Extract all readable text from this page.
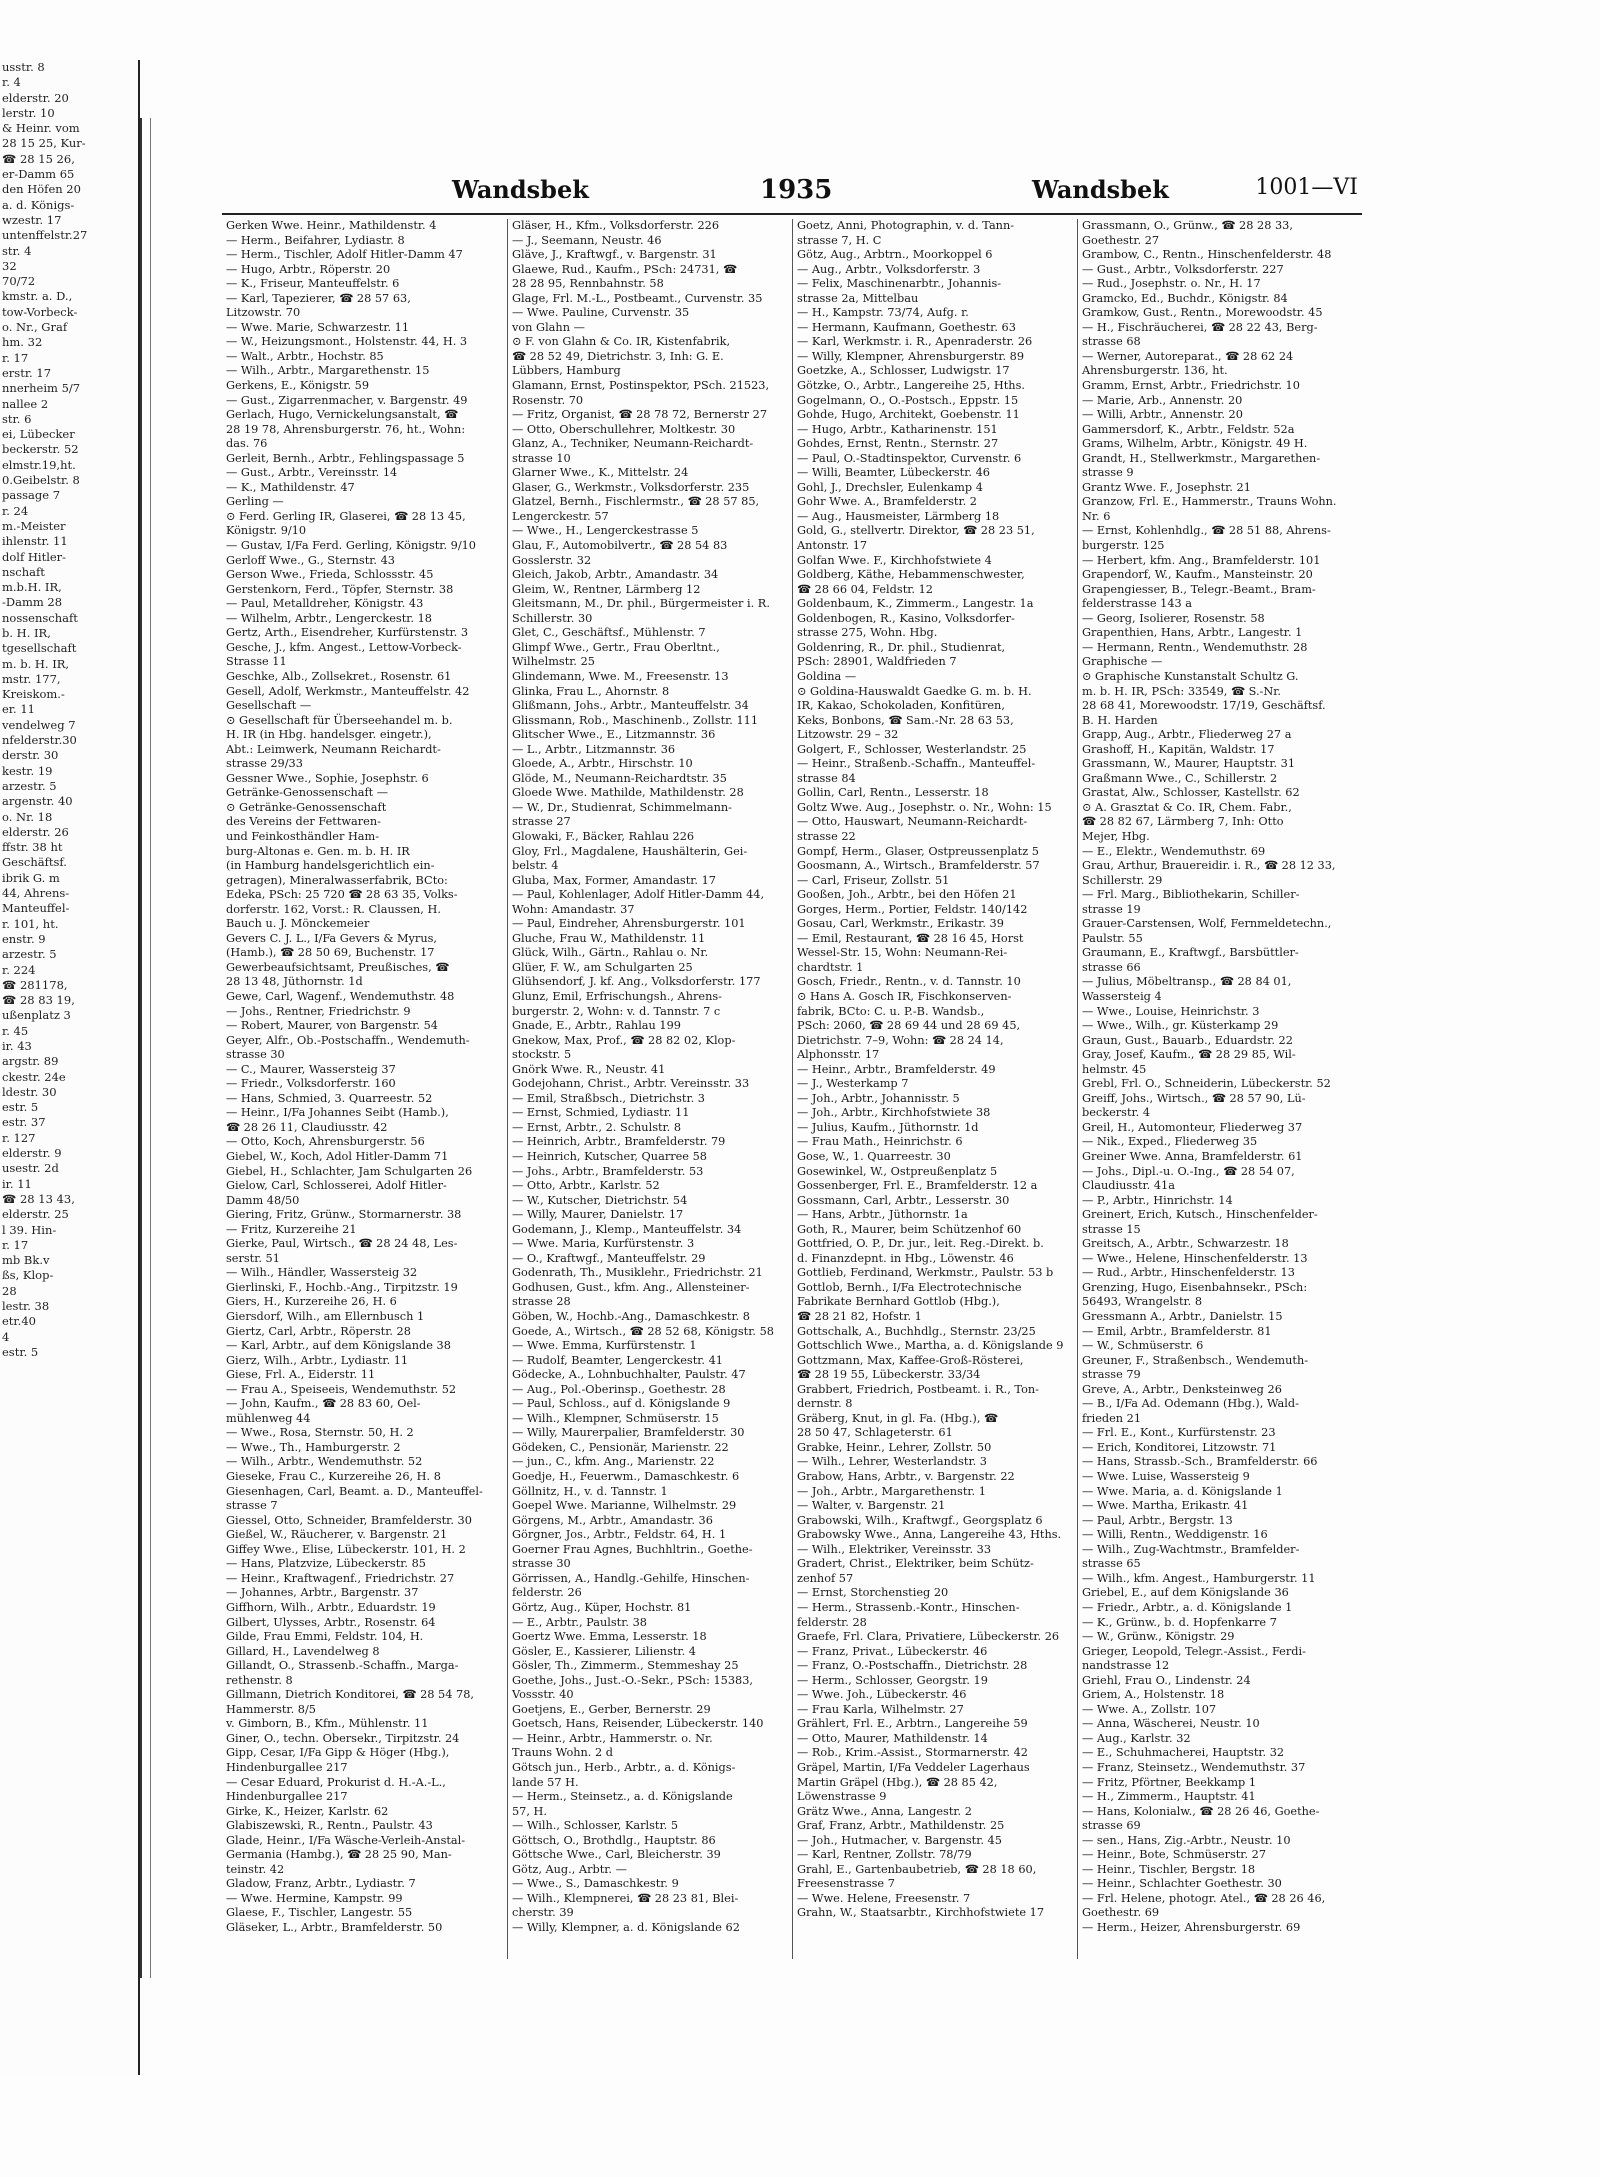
usstr. 8
r. 4
elderstr. 20
lerstr. 10
& Heinr. vom
28 15 25, Kur-
☎ 28 15 26,
er-Damm 65
den Höfen 20
a. d. Königs-
wzestr. 17
untenffelstr.27
str. 4
32
70/72
kmstr. a. D.,
tow-Vorbeck-
o. Nr., Graf
hm. 32
r. 17
erstr. 17
nnerheim 5/7
nallee 2
str. 6
ei, Lübecker
beckerstr. 52
elmstr.19,ht.
0.Geibelstr. 8
passage 7
r. 24
m.-Meister
ihlenstr. 11
dolf Hitler-
nschaft
m.b.H. IR,
-Damm 28
nossenschaft
b. H. IR,
tgesellschaft
m. b. H. IR,
mstr. 177,
Kreiskom.-
er. 11
vendelweg 7
nfelderstr.30
derstr. 30
kestr. 19
arzestr. 5
argenstr. 40
o. Nr. 18
elderstr. 26
ffstr. 38 ht
Geschäftsf.
ibrik G. m
44, Ahrens-
Manteuffel-
r. 101, ht.
enstr. 9
arzestr. 5
r. 224
☎ 281178,
☎ 28 83 19,
ußenplatz 3
r. 45
ir. 43
argstr. 89
ckestr. 24e
ldestr. 30
estr. 5
estr. 37
r. 127
elderstr. 9
usestr. 2d
ir. 11
☎ 28 13 43,
elderstr. 25
l 39. Hin-
r. 17
mb Bk.v
ßs, Klop-
28
lestr. 38
etr.40
4
estr. 5
Wandsbek	1935	Wandsbek	1001—VI
Gerken Wwe. Heinr., Mathildenstr. 4
— Herm., Beifahrer, Lydiastr. 8
— Herm., Tischler, Adolf Hitler-Damm 47
— Hugo, Arbtr., Röperstr. 20
— K., Friseur, Manteuffelstr. 6
— Karl, Tapezierer, ☎ 28 57 63,
Litzowstr. 70
— Wwe. Marie, Schwarzestr. 11
— W., Heizungsmont., Holstenstr. 44, H. 3
— Walt., Arbtr., Hochstr. 85
— Wilh., Arbtr., Margarethenstr. 15
Gerkens, E., Königstr. 59
— Gust., Zigarrenmacher, v. Bargenstr. 49
Gerlach, Hugo, Vernickelungsanstalt, ☎
28 19 78, Ahrensburgerstr. 76, ht., Wohn:
das. 76
Gerleit, Bernh., Arbtr., Fehlingspassage 5
— Gust., Arbtr., Vereinsstr. 14
— K., Mathildenstr. 47
Gerling —
⊙ Ferd. Gerling IR, Glaserei, ☎ 28 13 45,
Königstr. 9/10
— Gustav, I/Fa Ferd. Gerling, Königstr. 9/10
Gerloff Wwe., G., Sternstr. 43
Gerson Wwe., Frieda, Schlossstr. 45
Gerstenkorn, Ferd., Töpfer, Sternstr. 38
— Paul, Metalldreher, Königstr. 43
— Wilhelm, Arbtr., Lengerckestr. 18
Gertz, Arth., Eisendreher, Kurfürstenstr. 3
Gesche, J., kfm. Angest., Lettow-Vorbeck-
Strasse 11
Geschke, Alb., Zollsekret., Rosenstr. 61
Gesell, Adolf, Werkmstr., Manteuffelstr. 42
Gesellschaft —
⊙ Gesellschaft für Überseehandel m. b.
H. IR (in Hbg. handelsger. eingetr.),
Abt.: Leimwerk, Neumann Reichardt-
strasse 29/33
Gessner Wwe., Sophie, Josephstr. 6
Getränke-Genossenschaft —
⊙ Getränke-Genossenschaft
des Vereins der Fettwaren-
und Feinkosthändler Ham-
burg-Altonas e. Gen. m. b. H. IR
(in Hamburg handelsgerichtlich ein-
getragen), Mineralwasserfabrik, BCto:
Edeka, PSch: 25 720 ☎ 28 63 35, Volks-
dorferstr. 162, Vorst.: R. Claussen, H.
Bauch u. J. Mönckemeier
Gevers C. J. L., I/Fa Gevers & Myrus,
(Hamb.), ☎ 28 50 69, Buchenstr. 17
Gewerbeaufsichtsamt, Preußisches, ☎
28 13 48, Jüthornstr. 1d
Gewe, Carl, Wagenf., Wendemuthstr. 48
— Johs., Rentner, Friedrichstr. 9
— Robert, Maurer, von Bargenstr. 54
Geyer, Alfr., Ob.-Postschaffn., Wendemuth-
strasse 30
— C., Maurer, Wassersteig 37
— Friedr., Volksdorferstr. 160
— Hans, Schmied, 3. Quarreestr. 52
— Heinr., I/Fa Johannes Seibt (Hamb.),
☎ 28 26 11, Claudiusstr. 42
— Otto, Koch, Ahrensburgerstr. 56
Giebel, W., Koch, Adol Hitler-Damm 71
Giebel, H., Schlachter, Jam Schulgarten 26
Gielow, Carl, Schlosserei, Adolf Hitler-
Damm 48/50
Giering, Fritz, Grünw., Stormarnerstr. 38
— Fritz, Kurzereihe 21
Gierke, Paul, Wirtsch., ☎ 28 24 48, Les-
serstr. 51
— Wilh., Händler, Wassersteig 32
Gierlinski, F., Hochb.-Ang., Tirpitzstr. 19
Giers, H., Kurzereihe 26, H. 6
Giersdorf, Wilh., am Ellernbusch 1
Giertz, Carl, Arbtr., Röperstr. 28
— Karl, Arbtr., auf dem Königslande 38
Gierz, Wilh., Arbtr., Lydiastr. 11
Giese, Frl. A., Eiderstr. 11
— Frau A., Speiseeis, Wendemuthstr. 52
— John, Kaufm., ☎ 28 83 60, Oel-
mühlenweg 44
— Wwe., Rosa, Sternstr. 50, H. 2
— Wwe., Th., Hamburgerstr. 2
— Wilh., Arbtr., Wendemuthstr. 52
Gieseke, Frau C., Kurzereihe 26, H. 8
Giesenhagen, Carl, Beamt. a. D., Manteuffel-
strasse 7
Giessel, Otto, Schneider, Bramfelderstr. 30
Gießel, W., Räucherer, v. Bargenstr. 21
Giffey Wwe., Elise, Lübeckerstr. 101, H. 2
— Hans, Platzvize, Lübeckerstr. 85
— Heinr., Kraftwagenf., Friedrichstr. 27
— Johannes, Arbtr., Bargenstr. 37
Giffhorn, Wilh., Arbtr., Eduardstr. 19
Gilbert, Ulysses, Arbtr., Rosenstr. 64
Gilde, Frau Emmi, Feldstr. 104, H.
Gillard, H., Lavendelweg 8
Gillandt, O., Strassenb.-Schaffn., Marga-
rethenstr. 8
Gillmann, Dietrich Konditorei, ☎ 28 54 78,
Hammerstr. 8/5
v. Gimborn, B., Kfm., Mühlenstr. 11
Giner, O., techn. Obersekr., Tirpitzstr. 24
Gipp, Cesar, I/Fa Gipp & Höger (Hbg.),
Hindenburgallee 217
— Cesar Eduard, Prokurist d. H.-A.-L.,
Hindenburgallee 217
Girke, K., Heizer, Karlstr. 62
Glabiszewski, R., Rentn., Paulstr. 43
Glade, Heinr., I/Fa Wäsche-Verleih-Anstal-
Germania (Hambg.), ☎ 28 25 90, Man-
teinstr. 42
Gladow, Franz, Arbtr., Lydiastr. 7
— Wwe. Hermine, Kampstr. 99
Glaese, F., Tischler, Langestr. 55
Gläseker, L., Arbtr., Bramfelderstr. 50
Gläser, H., Kfm., Volksdorferstr. 226
— J., Seemann, Neustr. 46
Gläve, J., Kraftwgf., v. Bargenstr. 31
Glaewe, Rud., Kaufm., PSch: 24731, ☎
28 28 95, Rennbahnstr. 58
Glage, Frl. M.-L., Postbeamt., Curvenstr. 35
— Wwe. Pauline, Curvenstr. 35
von Glahn —
⊙ F. von Glahn & Co. IR, Kistenfabrik,
☎ 28 52 49, Dietrichstr. 3, Inh: G. E.
Lübbers, Hamburg
Glamann, Ernst, Postinspektor, PSch. 21523,
Rosenstr. 70
— Fritz, Organist, ☎ 28 78 72, Bernerstr 27
— Otto, Oberschullehrer, Moltkestr. 30
Glanz, A., Techniker, Neumann-Reichardt-
strasse 10
Glarner Wwe., K., Mittelstr. 24
Glaser, G., Werkmstr., Volksdorferstr. 235
Glatzel, Bernh., Fischlermstr., ☎ 28 57 85,
Lengerckestr. 57
— Wwe., H., Lengerckestrasse 5
Glau, F., Automobilvertr., ☎ 28 54 83
Gosslerstr. 32
Gleich, Jakob, Arbtr., Amandastr. 34
Gleim, W., Rentner, Lärmberg 12
Gleitsmann, M., Dr. phil., Bürgermeister i. R.
Schillerstr. 30
Glet, C., Geschäftsf., Mühlenstr. 7
Glimpf Wwe., Gertr., Frau Oberltnt.,
Wilhelmstr. 25
Glindemann, Wwe. M., Freesenstr. 13
Glinka, Frau L., Ahornstr. 8
Glißmann, Johs., Arbtr., Manteuffelstr. 34
Glissmann, Rob., Maschinenb., Zollstr. 111
Glitscher Wwe., E., Litzmannstr. 36
— L., Arbtr., Litzmannstr. 36
Gloede, A., Arbtr., Hirschstr. 10
Glöde, M., Neumann-Reichardtstr. 35
Gloede Wwe. Mathilde, Mathildenstr. 28
— W., Dr., Studienrat, Schimmelmann-
strasse 27
Glowaki, F., Bäcker, Rahlau 226
Gloy, Frl., Magdalene, Haushälterin, Gei-
belstr. 4
Gluba, Max, Former, Amandastr. 17
— Paul, Kohlenlager, Adolf Hitler-Damm 44,
Wohn: Amandastr. 37
— Paul, Eindreher, Ahrensburgerstr. 101
Gluche, Frau W., Mathildenstr. 11
Glück, Wilh., Gärtn., Rahlau o. Nr.
Glüer, F. W., am Schulgarten 25
Glühsendorf, J. kf. Ang., Volksdorferstr. 177
Glunz, Emil, Erfrischungsh., Ahrens-
burgerstr. 2, Wohn: v. d. Tannstr. 7 c
Gnade, E., Arbtr., Rahlau 199
Gnekow, Max, Prof., ☎ 28 82 02, Klop-
stockstr. 5
Gnörk Wwe. R., Neustr. 41
Godejohann, Christ., Arbtr. Vereinsstr. 33
— Emil, Straßbsch., Dietrichstr. 3
— Ernst, Schmied, Lydiastr. 11
— Ernst, Arbtr., 2. Schulstr. 8
— Heinrich, Arbtr., Bramfelderstr. 79
— Heinrich, Kutscher, Quarree 58
— Johs., Arbtr., Bramfelderstr. 53
— Otto, Arbtr., Karlstr. 52
— W., Kutscher, Dietrichstr. 54
— Willy, Maurer, Danielstr. 17
Godemann, J., Klemp., Manteuffelstr. 34
— Wwe. Maria, Kurfürstenstr. 3
— O., Kraftwgf., Manteuffelstr. 29
Godenrath, Th., Musiklehr., Friedrichstr. 21
Godhusen, Gust., kfm. Ang., Allensteiner-
strasse 28
Göben, W., Hochb.-Ang., Damaschkestr. 8
Goede, A., Wirtsch., ☎ 28 52 68, Königstr. 58
— Wwe. Emma, Kurfürstenstr. 1
— Rudolf, Beamter, Lengerckestr. 41
Gödecke, A., Lohnbuchhalter, Paulstr. 47
— Aug., Pol.-Oberinsp., Goethestr. 28
— Paul, Schloss., auf d. Königslande 9
— Wilh., Klempner, Schmüserstr. 15
— Willy, Maurerpalier, Bramfelderstr. 30
Gödeken, C., Pensionär, Marienstr. 22
— jun., C., kfm. Ang., Marienstr. 22
Goedje, H., Feuerwm., Damaschkestr. 6
Göllnitz, H., v. d. Tannstr. 1
Goepel Wwe. Marianne, Wilhelmstr. 29
Görgens, M., Arbtr., Amandastr. 36
Görgner, Jos., Arbtr., Feldstr. 64, H. 1
Goerner Frau Agnes, Buchhltrin., Goethe-
strasse 30
Görrissen, A., Handlg.-Gehilfe, Hinschen-
felderstr. 26
Görtz, Aug., Küper, Hochstr. 81
— E., Arbtr., Paulstr. 38
Goertz Wwe. Emma, Lesserstr. 18
Gösler, E., Kassierer, Lilienstr. 4
Gösler, Th., Zimmerm., Stemmeshay 25
Goethe, Johs., Just.-O.-Sekr., PSch: 15383,
Vossstr. 40
Goetjens, E., Gerber, Bernerstr. 29
Goetsch, Hans, Reisender, Lübeckerstr. 140
— Heinr., Arbtr., Hammerstr. o. Nr.
Trauns Wohn. 2 d
Götsch jun., Herb., Arbtr., a. d. Königs-
lande 57 H.
— Herm., Steinsetz., a. d. Königslande
57, H.
— Wilh., Schlosser, Karlstr. 5
Göttsch, O., Brothdlg., Hauptstr. 86
Göttsche Wwe., Carl, Bleicherstr. 39
Götz, Aug., Arbtr. —
— Wwe., S., Damaschkestr. 9
— Wilh., Klempnerei, ☎ 28 23 81, Blei-
cherstr. 39
— Willy, Klempner, a. d. Königslande 62
Goetz, Anni, Photographin, v. d. Tann-
strasse 7, H. C
Götz, Aug., Arbtrn., Moorkoppel 6
— Aug., Arbtr., Volksdorferstr. 3
— Felix, Maschinenarbtr., Johannis-
strasse 2a, Mittelbau
— H., Kampstr. 73/74, Aufg. r.
— Hermann, Kaufmann, Goethestr. 63
— Karl, Werkmstr. i. R., Apenraderstr. 26
— Willy, Klempner, Ahrensburgerstr. 89
Goetzke, A., Schlosser, Ludwigstr. 17
Götzke, O., Arbtr., Langereihe 25, Hths.
Gogelmann, O., O.-Postsch., Eppstr. 15
Gohde, Hugo, Architekt, Goebenstr. 11
— Hugo, Arbtr., Katharinenstr. 151
Gohdes, Ernst, Rentn., Sternstr. 27
— Paul, O.-Stadtinspektor, Curvenstr. 6
— Willi, Beamter, Lübeckerstr. 46
Gohl, J., Drechsler, Eulenkamp 4
Gohr Wwe. A., Bramfelderstr. 2
— Aug., Hausmeister, Lärmberg 18
Gold, G., stellvertr. Direktor, ☎ 28 23 51,
Antonstr. 17
Golfan Wwe. F., Kirchhofstwiete 4
Goldberg, Käthe, Hebammenschwester,
☎ 28 66 04, Feldstr. 12
Goldenbaum, K., Zimmerm., Langestr. 1a
Goldenbogen, R., Kasino, Volksdorfer-
strasse 275, Wohn. Hbg.
Goldenring, R., Dr. phil., Studienrat,
PSch: 28901, Waldfrieden 7
Goldina —
⊙ Goldina-Hauswaldt Gaedke G. m. b. H.
IR, Kakao, Schokoladen, Konfitüren,
Keks, Bonbons, ☎ Sam.-Nr. 28 63 53,
Litzowstr. 29 – 32
Golgert, F., Schlosser, Westerlandstr. 25
— Heinr., Straßenb.-Schaffn., Manteuffel-
strasse 84
Gollin, Carl, Rentn., Lesserstr. 18
Goltz Wwe. Aug., Josephstr. o. Nr., Wohn: 15
— Otto, Hauswart, Neumann-Reichardt-
strasse 22
Gompf, Herm., Glaser, Ostpreussenplatz 5
Goosmann, A., Wirtsch., Bramfelderstr. 57
— Carl, Friseur, Zollstr. 51
Gooßen, Joh., Arbtr., bei den Höfen 21
Gorges, Herm., Portier, Feldstr. 140/142
Gosau, Carl, Werkmstr., Erikastr. 39
— Emil, Restaurant, ☎ 28 16 45, Horst
Wessel-Str. 15, Wohn: Neumann-Rei-
chardtstr. 1
Gosch, Friedr., Rentn., v. d. Tannstr. 10
⊙ Hans A. Gosch IR, Fischkonserven-
fabrik, BCto: C. u. P.-B. Wandsb.,
PSch: 2060, ☎ 28 69 44 und 28 69 45,
Dietrichstr. 7–9, Wohn: ☎ 28 24 14,
Alphonsstr. 17
— Heinr., Arbtr., Bramfelderstr. 49
— J., Westerkamp 7
— Joh., Arbtr., Johannisstr. 5
— Joh., Arbtr., Kirchhofstwiete 38
— Julius, Kaufm., Jüthornstr. 1d
— Frau Math., Heinrichstr. 6
Gose, W., 1. Quarreestr. 30
Gosewinkel, W., Ostpreußenplatz 5
Gossenberger, Frl. E., Bramfelderstr. 12 a
Gossmann, Carl, Arbtr., Lesserstr. 30
— Hans, Arbtr., Jüthornstr. 1a
Goth, R., Maurer, beim Schützenhof 60
Gottfried, O. P., Dr. jur., leit. Reg.-Direkt. b.
d. Finanzdepnt. in Hbg., Löwenstr. 46
Gottlieb, Ferdinand, Werkmstr., Paulstr. 53 b
Gottlob, Bernh., I/Fa Electrotechnische
Fabrikate Bernhard Gottlob (Hbg.),
☎ 28 21 82, Hofstr. 1
Gottschalk, A., Buchhdlg., Sternstr. 23/25
Gottschlich Wwe., Martha, a. d. Königslande 9
Gottzmann, Max, Kaffee-Groß-Rösterei,
☎ 28 19 55, Lübeckerstr. 33/34
Grabbert, Friedrich, Postbeamt. i. R., Ton-
dernstr. 8
Gräberg, Knut, in gl. Fa. (Hbg.), ☎
28 50 47, Schlageterstr. 61
Grabke, Heinr., Lehrer, Zollstr. 50
— Wilh., Lehrer, Westerlandstr. 3
Grabow, Hans, Arbtr., v. Bargenstr. 22
— Joh., Arbtr., Margarethenstr. 1
— Walter, v. Bargenstr. 21
Grabowski, Wilh., Kraftwgf., Georgsplatz 6
Grabowsky Wwe., Anna, Langereihe 43, Hths.
— Wilh., Elektriker, Vereinsstr. 33
Gradert, Christ., Elektriker, beim Schütz-
zenhof 57
— Ernst, Storchenstieg 20
— Herm., Strassenb.-Kontr., Hinschen-
felderstr. 28
Graefe, Frl. Clara, Privatiere, Lübeckerstr. 26
— Franz, Privat., Lübeckerstr. 46
— Franz, O.-Postschaffn., Dietrichstr. 28
— Herm., Schlosser, Georgstr. 19
— Wwe. Joh., Lübeckerstr. 46
— Frau Karla, Wilhelmstr. 27
Grählert, Frl. E., Arbtrn., Langereihe 59
— Otto, Maurer, Mathildenstr. 14
— Rob., Krim.-Assist., Stormarnerstr. 42
Gräpel, Martin, I/Fa Veddeler Lagerhaus
Martin Gräpel (Hbg.), ☎ 28 85 42,
Löwenstrasse 9
Grätz Wwe., Anna, Langestr. 2
Graf, Franz, Arbtr., Mathildenstr. 25
— Joh., Hutmacher, v. Bargenstr. 45
— Karl, Rentner, Zollstr. 78/79
Grahl, E., Gartenbaubetrieb, ☎ 28 18 60,
Freesenstrasse 7
— Wwe. Helene, Freesenstr. 7
Grahn, W., Staatsarbtr., Kirchhofstwiete 17
Grassmann, O., Grünw., ☎ 28 28 33,
Goethestr. 27
Grambow, C., Rentn., Hinschenfelderstr. 48
— Gust., Arbtr., Volksdorferstr. 227
— Rud., Josephstr. o. Nr., H. 17
Gramcko, Ed., Buchdr., Königstr. 84
Gramkow, Gust., Rentn., Morewoodstr. 45
— H., Fischräucherei, ☎ 28 22 43, Berg-
strasse 68
— Werner, Autoreparat., ☎ 28 62 24
Ahrensburgerstr. 136, ht.
Gramm, Ernst, Arbtr., Friedrichstr. 10
— Marie, Arb., Annenstr. 20
— Willi, Arbtr., Annenstr. 20
Gammersdorf, K., Arbtr., Feldstr. 52a
Grams, Wilhelm, Arbtr., Königstr. 49 H.
Grandt, H., Stellwerkmstr., Margarethen-
strasse 9
Grantz Wwe. F., Josephstr. 21
Granzow, Frl. E., Hammerstr., Trauns Wohn.
Nr. 6
— Ernst, Kohlenhdlg., ☎ 28 51 88, Ahrens-
burgerstr. 125
— Herbert, kfm. Ang., Bramfelderstr. 101
Grapendorf, W., Kaufm., Mansteinstr. 20
Grapengiesser, B., Telegr.-Beamt., Bram-
felderstrasse 143 a
— Georg, Isolierer, Rosenstr. 58
Grapenthien, Hans, Arbtr., Langestr. 1
— Hermann, Rentn., Wendemuthstr. 28
Graphische —
⊙ Graphische Kunstanstalt Schultz G.
m. b. H. IR, PSch: 33549, ☎ S.-Nr.
28 68 41, Morewoodstr. 17/19, Geschäftsf.
B. H. Harden
Grapp, Aug., Arbtr., Fliederweg 27 a
Grashoff, H., Kapitän, Waldstr. 17
Grassmann, W., Maurer, Hauptstr. 31
Graßmann Wwe., C., Schillerstr. 2
Grastat, Alw., Schlosser, Kastellstr. 62
⊙ A. Grasztat & Co. IR, Chem. Fabr.,
☎ 28 82 67, Lärmberg 7, Inh: Otto
Mejer, Hbg.
— E., Elektr., Wendemuthstr. 69
Grau, Arthur, Brauereidir. i. R., ☎ 28 12 33,
Schillerstr. 29
— Frl. Marg., Bibliothekarin, Schiller-
strasse 19
Grauer-Carstensen, Wolf, Fernmeldetechn.,
Paulstr. 55
Graumann, E., Kraftwgf., Barsbüttler-
strasse 66
— Julius, Möbeltransp., ☎ 28 84 01,
Wassersteig 4
— Wwe., Louise, Heinrichstr. 3
— Wwe., Wilh., gr. Küsterkamp 29
Graun, Gust., Bauarb., Eduardstr. 22
Gray, Josef, Kaufm., ☎ 28 29 85, Wil-
helmstr. 45
Grebl, Frl. O., Schneiderin, Lübeckerstr. 52
Greiff, Johs., Wirtsch., ☎ 28 57 90, Lü-
beckerstr. 4
Greil, H., Automonteur, Fliederweg 37
— Nik., Exped., Fliederweg 35
Greiner Wwe. Anna, Bramfelderstr. 61
— Johs., Dipl.-u. O.-Ing., ☎ 28 54 07,
Claudiusstr. 41a
— P., Arbtr., Hinrichstr. 14
Greinert, Erich, Kutsch., Hinschenfelder-
strasse 15
Greitsch, A., Arbtr., Schwarzestr. 18
— Wwe., Helene, Hinschenfelderstr. 13
— Rud., Arbtr., Hinschenfelderstr. 13
Grenzing, Hugo, Eisenbahnsekr., PSch:
56493, Wrangelstr. 8
Gressmann A., Arbtr., Danielstr. 15
— Emil, Arbtr., Bramfelderstr. 81
— W., Schmüserstr. 6
Greuner, F., Straßenbsch., Wendemuth-
strasse 79
Greve, A., Arbtr., Denksteinweg 26
— B., I/Fa Ad. Odemann (Hbg.), Wald-
frieden 21
— Frl. E., Kont., Kurfürstenstr. 23
— Erich, Konditorei, Litzowstr. 71
— Hans, Strassb.-Sch., Bramfelderstr. 66
— Wwe. Luise, Wassersteig 9
— Wwe. Maria, a. d. Königslande 1
— Wwe. Martha, Erikastr. 41
— Paul, Arbtr., Bergstr. 13
— Willi, Rentn., Weddigenstr. 16
— Wilh., Zug-Wachtmstr., Bramfelder-
strasse 65
— Wilh., kfm. Angest., Hamburgerstr. 11
Griebel, E., auf dem Königslande 36
— Friedr., Arbtr., a. d. Königslande 1
— K., Grünw., b. d. Hopfenkarre 7
— W., Grünw., Königstr. 29
Grieger, Leopold, Telegr.-Assist., Ferdi-
nandstrasse 12
Griehl, Frau O., Lindenstr. 24
Griem, A., Holstenstr. 18
— Wwe. A., Zollstr. 107
— Anna, Wäscherei, Neustr. 10
— Aug., Karlstr. 32
— E., Schuhmacherei, Hauptstr. 32
— Franz, Steinsetz., Wendemuthstr. 37
— Fritz, Pförtner, Beekkamp 1
— H., Zimmerm., Hauptstr. 41
— Hans, Kolonialw., ☎ 28 26 46, Goethe-
strasse 69
— sen., Hans, Zig.-Arbtr., Neustr. 10
— Heinr., Bote, Schmüserstr. 27
— Heinr., Tischler, Bergstr. 18
— Heinr., Schlachter Goethestr. 30
— Frl. Helene, photogr. Atel., ☎ 28 26 46,
Goethestr. 69
— Herm., Heizer, Ahrensburgerstr. 69
